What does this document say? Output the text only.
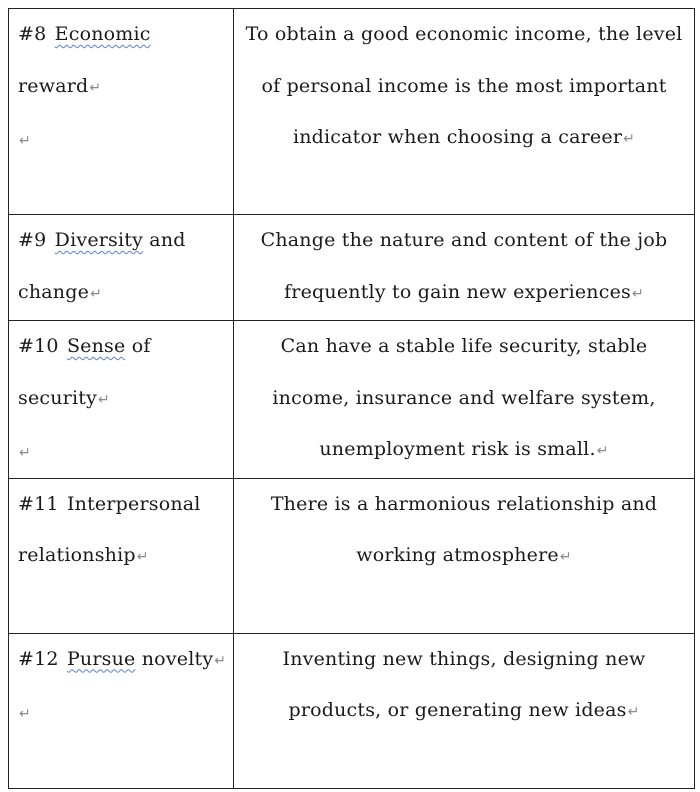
#8 Economic reward↵
↵	To obtain a good economic income, the level of personal income is the most important indicator when choosing a career↵
#9 Diversity and change↵	Change the nature and content of the job frequently to gain new experiences↵
#10 Sense of security↵
↵	Can have a stable life security, stable income, insurance and welfare system, unemployment risk is small.↵
#11 Interpersonal relationship↵	There is a harmonious relationship and working atmosphere↵
#12 Pursue novelty↵
↵	Inventing new things, designing new products, or generating new ideas↵
